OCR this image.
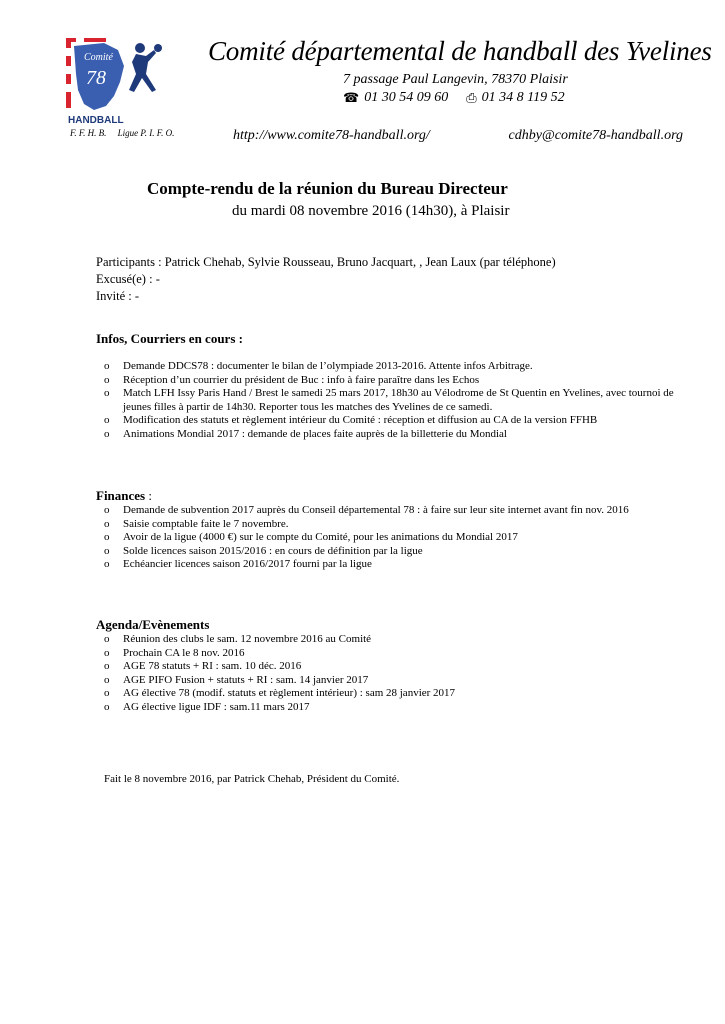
HANDBALL
Comité
78
F. F. H. B. Ligue P. I. F. O.
Comité départemental de handball des Yvelines
7 passage Paul Langevin, 78370 Plaisir
☎ 01 30 54 09 60 ⎙ 01 34 8 119 52
http://www.comite78-handball.org/	cdhby@comite78-handball.org
Compte-rendu de la réunion du Bureau Directeur
du mardi 08 novembre 2016 (14h30), à Plaisir
Participants : Patrick Chehab, Sylvie Rousseau, Bruno Jacquart, , Jean Laux (par téléphone)
Excusé(e) : -
Invité : -
Infos, Courriers en cours :
o Demande DDCS78 : documenter le bilan de l’olympiade 2013-2016. Attente infos Arbitrage.
o Réception d’un courrier du président de Buc : info à faire paraître dans les Echos
o Match LFH Issy Paris Hand / Brest le samedi 25 mars 2017, 18h30 au Vélodrome de St Quentin en Yvelines, avec tournoi de jeunes filles à partir de 14h30. Reporter tous les matches des Yvelines de ce samedi.
o Modification des statuts et règlement intérieur du Comité : réception et diffusion au CA de la version FFHB
o Animations Mondial 2017 : demande de places faite auprès de la billetterie du Mondial
Finances :
o Demande de subvention 2017 auprès du Conseil départemental 78 : à faire sur leur site internet avant fin nov. 2016
o Saisie comptable faite le 7 novembre.
o Avoir de la ligue (4000 €) sur le compte du Comité, pour les animations du Mondial 2017
o Solde licences saison 2015/2016 : en cours de définition par la ligue
o Echéancier licences saison 2016/2017 fourni par la ligue
Agenda/Evènements
o Réunion des clubs le sam. 12 novembre 2016 au Comité
o Prochain CA le 8 nov. 2016
o AGE 78 statuts + RI : sam. 10 déc. 2016
o AGE PIFO Fusion + statuts + RI : sam. 14 janvier 2017
o AG élective 78 (modif. statuts et règlement intérieur) : sam 28 janvier 2017
o AG élective ligue IDF : sam.11 mars 2017
Fait le 8 novembre 2016, par Patrick Chehab, Président du Comité.
